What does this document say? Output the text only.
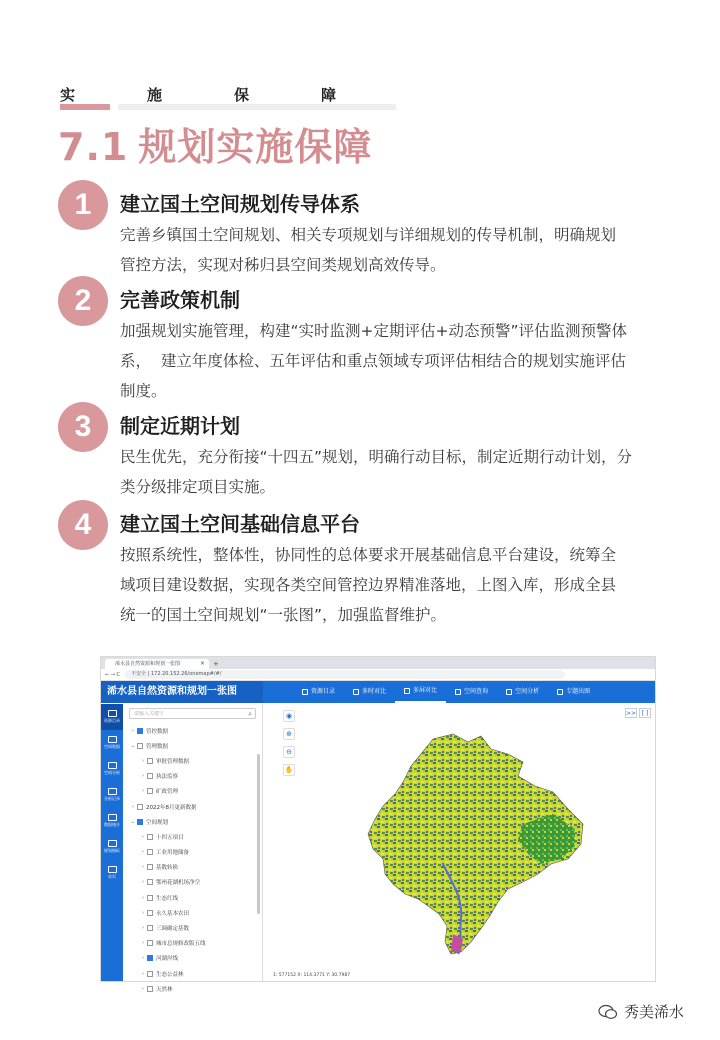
实	施	保	障
7.1 规划实施保障
1	建立国土空间规划传导体系
完善乡镇国土空间规划、相关专项规划与详细规划的传导机制，明确规划
管控方法，实现对秭归县空间类规划高效传导。
2	完善政策机制
加强规划实施管理，构建“实时监测+定期评估+动态预警”评估监测预警体
系，  建立年度体检、五年评估和重点领域专项评估相结合的规划实施评估
制度。
3	制定近期计划
民生优先，充分衔接“十四五”规划，明确行动目标，制定近期行动计划，分
类分级排定项目实施。
4	建立国土空间基础信息平台
按照系统性，整体性，协同性的总体要求开展基础信息平台建设，统筹全
域项目建设数据，实现各类空间管控边界精准落地，上图入库，形成全县
统一的国土空间规划“一张图”，加强监督维护。
浠水县自然资源和规划一张图	× +
← → C	不安全 | 172.20.152.26/onemap#/#/
浠水县自然资源和规划一张图	资源目录	多时对比	多屏对比	空间查询	空间分析	专题出图
资源目录
空间数据
空间分析
分析记录
数据统计
规划指标
首页
请输入关键字	⌕
›	管控数据
⌄	管理数据
›	审批管理数据
›	执法监察
›	矿政管理
›	2022年8月更新数据
⌄	空间规划
›	十四五项目
›	工业用地储备
›	基数转换
›	鄂州花湖机场净空
›	生态红线
›	永久基本农田
›	三调确定基数
›	城市总规修改版五线
›	河湖岸线
›	生态公益林
›	天然林
◉
⊕
⊖
✋
>> [ ]
1: 577152 X: 114.3771 Y: 30.7987
秀美浠水
